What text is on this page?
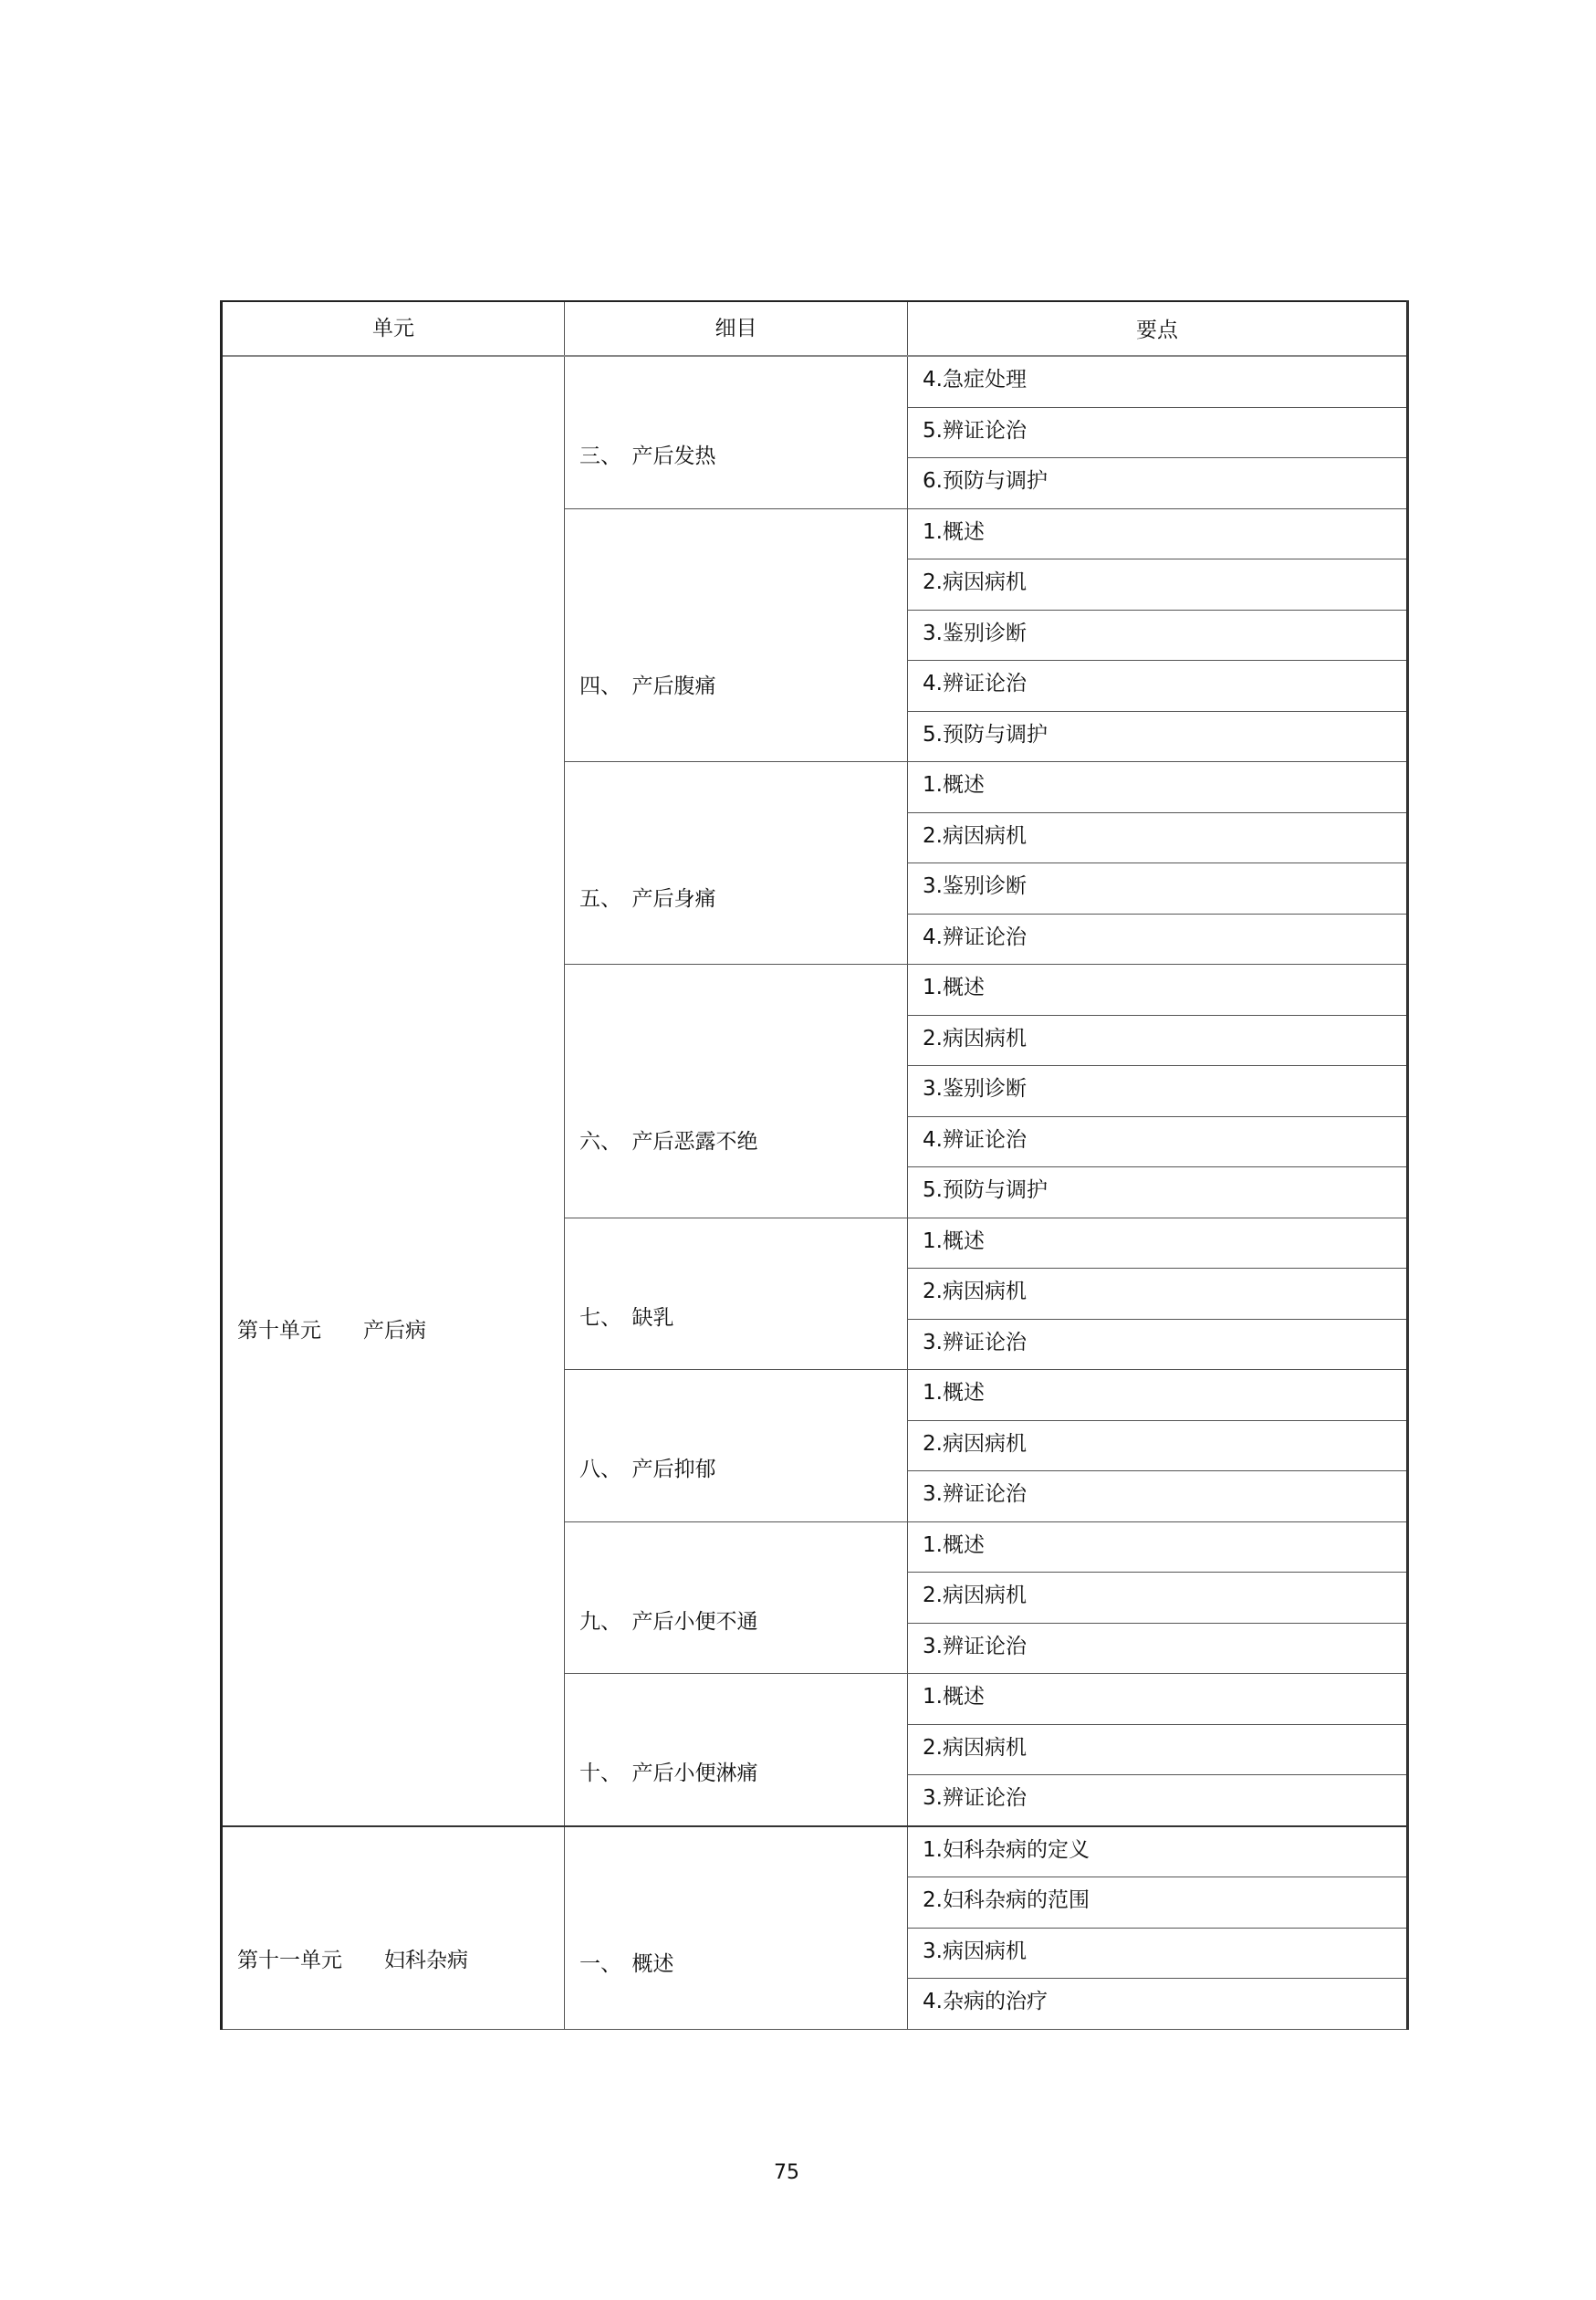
单元	细目	要点

第十单元　　产后病	三、　产后发热	4.急症处理
		5.辨证论治
		6.预防与调护

	四、　产后腹痛	1.概述
		2.病因病机
		3.鉴别诊断
		4.辨证论治
		5.预防与调护

	五、　产后身痛	1.概述
		2.病因病机
		3.鉴别诊断
		4.辨证论治

	六、　产后恶露不绝	1.概述
		2.病因病机
		3.鉴别诊断
		4.辨证论治
		5.预防与调护

	七、　缺乳	1.概述
		2.病因病机
		3.辨证论治

	八、　产后抑郁	1.概述
		2.病因病机
		3.辨证论治

	九、　产后小便不通	1.概述
		2.病因病机
		3.辨证论治

	十、　产后小便淋痛	1.概述
		2.病因病机
		3.辨证论治

第十一单元　　妇科杂病	一、　概述	1.妇科杂病的定义
		2.妇科杂病的范围
		3.病因病机
		4.杂病的治疗
75
